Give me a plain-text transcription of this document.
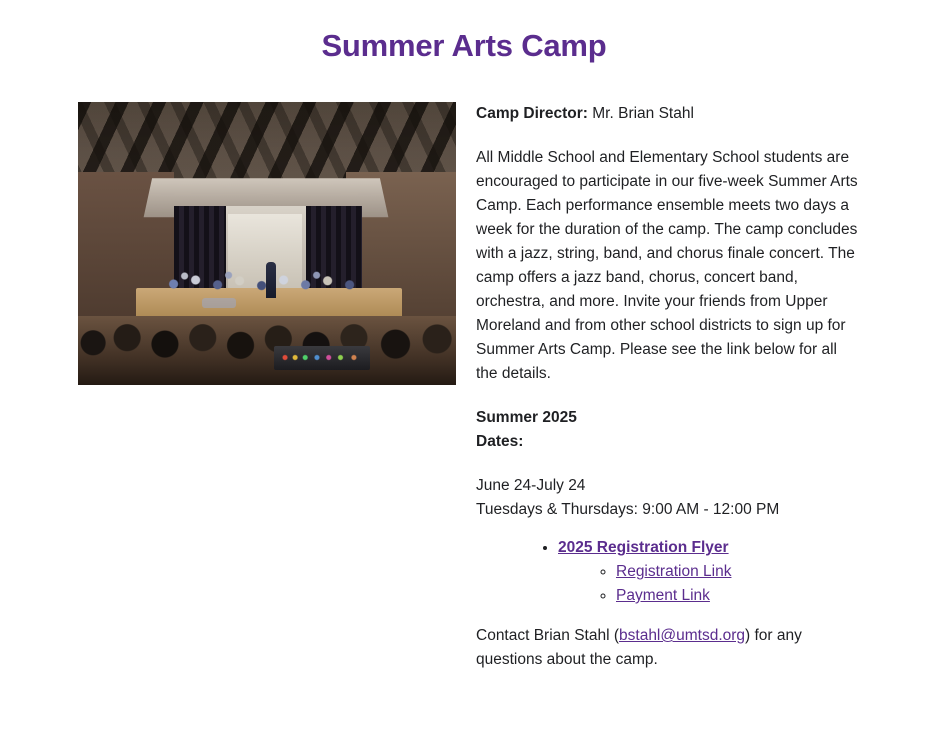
Summer Arts Camp

Camp Director: Mr. Brian Stahl

All Middle School and Elementary School students are encouraged to participate in our five-week Summer Arts Camp. Each performance ensemble meets two days a week for the duration of the camp. The camp concludes with a jazz, string, band, and chorus finale concert. The camp offers a jazz band, chorus, concert band, orchestra, and more. Invite your friends from Upper Moreland and from other school districts to sign up for Summer Arts Camp. Please see the link below for all the details.

Summer 2025
Dates:

June 24-July 24
Tuesdays & Thursdays: 9:00 AM - 12:00 PM

• 2025 Registration Flyer
◦ Registration Link
◦ Payment Link

Contact Brian Stahl (bstahl@umtsd.org) for any questions about the camp.
